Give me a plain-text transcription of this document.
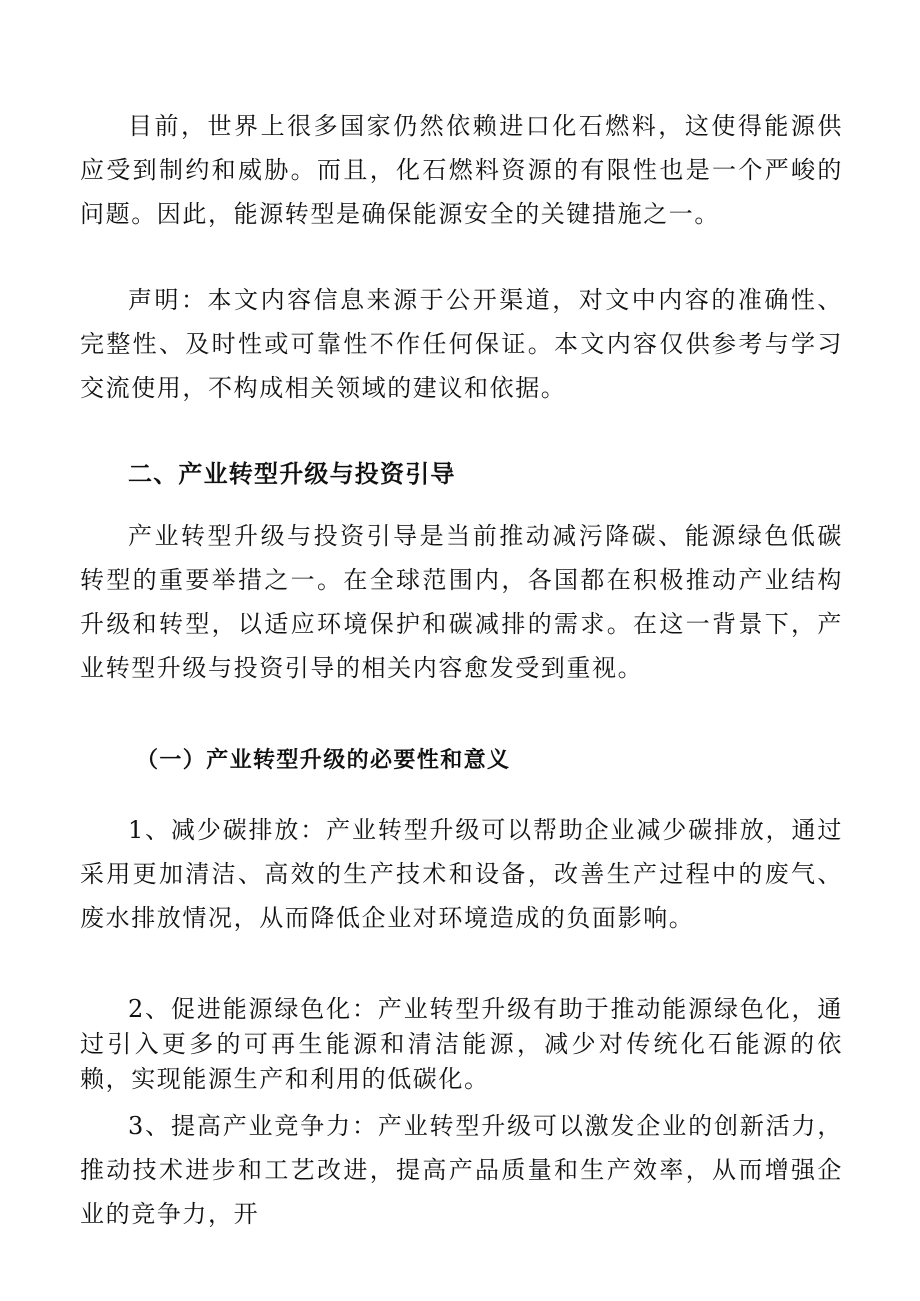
目前，世界上很多国家仍然依赖进口化石燃料，这使得能源供应受到制约和威胁。而且，化石燃料资源的有限性也是一个严峻的问题。因此，能源转型是确保能源安全的关键措施之一。

声明：本文内容信息来源于公开渠道，对文中内容的准确性、完整性、及时性或可靠性不作任何保证。本文内容仅供参考与学习交流使用，不构成相关领域的建议和依据。

二、产业转型升级与投资引导

产业转型升级与投资引导是当前推动减污降碳、能源绿色低碳转型的重要举措之一。在全球范围内，各国都在积极推动产业结构升级和转型，以适应环境保护和碳减排的需求。在这一背景下，产业转型升级与投资引导的相关内容愈发受到重视。

（一）产业转型升级的必要性和意义

1、减少碳排放：产业转型升级可以帮助企业减少碳排放，通过采用更加清洁、高效的生产技术和设备，改善生产过程中的废气、废水排放情况，从而降低企业对环境造成的负面影响。

2、促进能源绿色化：产业转型升级有助于推动能源绿色化，通过引入更多的可再生能源和清洁能源，减少对传统化石能源的依赖，实现能源生产和利用的低碳化。

3、提高产业竞争力：产业转型升级可以激发企业的创新活力，推动技术进步和工艺改进，提高产品质量和生产效率，从而增强企业的竞争力，开
